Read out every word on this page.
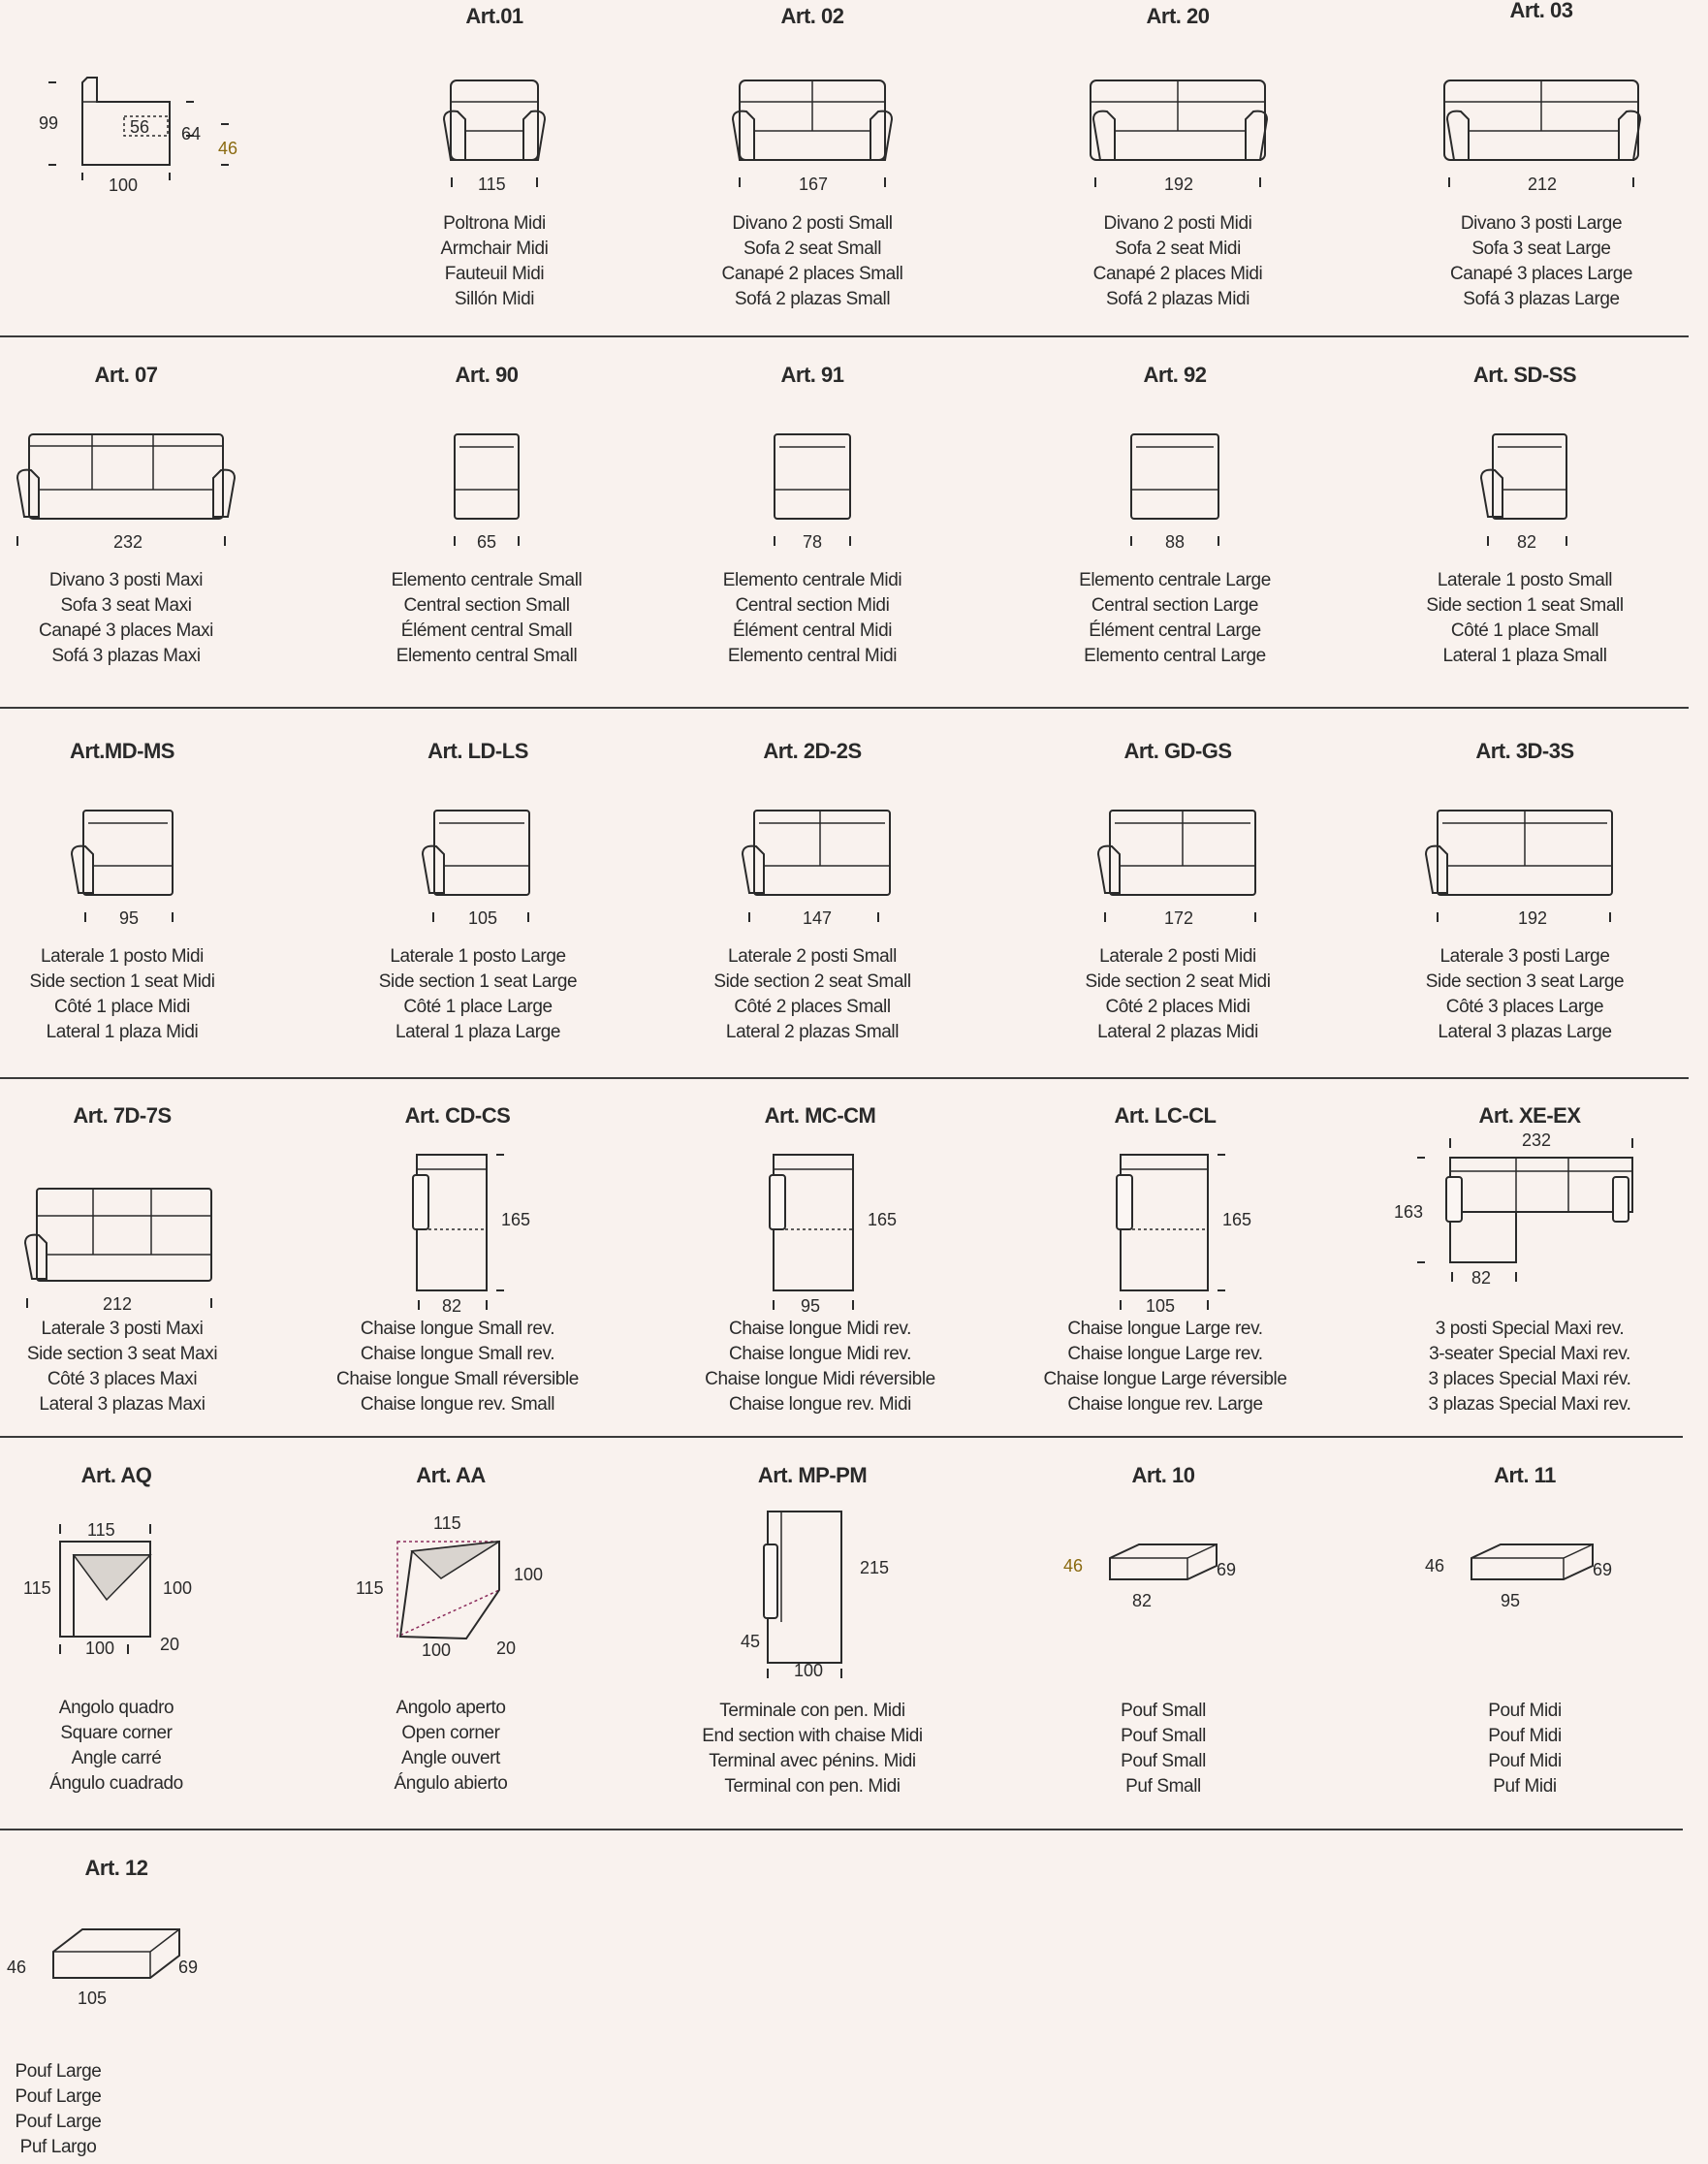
99	56 64
46
100
Art.01
115
Poltrona Midi
Armchair Midi
Fauteuil Midi
Sillón Midi
Art. 02
167
Divano 2 posti Small
Sofa 2 seat Small
Canapé 2 places Small
Sofá 2 plazas Small
Art. 20
192
Divano 2 posti Midi
Sofa 2 seat Midi
Canapé 2 places Midi
Sofá 2 plazas Midi
Art. 03
212
Divano 3 posti Large
Sofa 3 seat Large
Canapé 3 places Large
Sofá 3 plazas Large
Art. 07
232
Divano 3 posti Maxi
Sofa 3 seat Maxi
Canapé 3 places Maxi
Sofá 3 plazas Maxi
Art. 90
65
Elemento centrale Small
Central section Small
Élément central Small
Elemento central Small
Art. 91
78
Elemento centrale Midi
Central section Midi
Élément central Midi
Elemento central Midi
Art. 92
88
Elemento centrale Large
Central section Large
Élément central Large
Elemento central Large
Art. SD-SS
82
Laterale 1 posto Small
Side section 1 seat Small
Côté 1 place Small
Lateral 1 plaza Small
Art.MD-MS
95
Laterale 1 posto Midi
Side section 1 seat Midi
Côté 1 place Midi
Lateral 1 plaza Midi
Art. LD-LS
105
Laterale 1 posto Large
Side section 1 seat Large
Côté 1 place Large
Lateral 1 plaza Large
Art. 2D-2S
147
Laterale 2 posti Small
Side section 2 seat Small
Côté 2 places Small
Lateral 2 plazas Small
Art. GD-GS
172
Laterale 2 posti Midi
Side section 2 seat Midi
Côté 2 places Midi
Lateral 2 plazas Midi
Art. 3D-3S
192
Laterale 3 posti Large
Side section 3 seat Large
Côté 3 places Large
Lateral 3 plazas Large
Art. 7D-7S
212
Laterale 3 posti Maxi
Side section 3 seat Maxi
Côté 3 places Maxi
Lateral 3 plazas Maxi
Art. CD-CS
165
82
Chaise longue Small rev.
Chaise longue Small rev.
Chaise longue Small réversible
Chaise longue rev. Small
Art. MC-CM
165
95
Chaise longue Midi rev.
Chaise longue Midi rev.
Chaise longue Midi réversible
Chaise longue rev. Midi
Art. LC-CL
165
105
Chaise longue Large rev.
Chaise longue Large rev.
Chaise longue Large réversible
Chaise longue rev. Large
Art. XE-EX
232
163
82
3 posti Special Maxi rev.
3-seater Special Maxi rev.
3 places Special Maxi rév.
3 plazas Special Maxi rev.
Art. AQ
115
115	100
100	20
Angolo quadro
Square corner
Angle carré
Ángulo cuadrado
Art. AA
115
115
100
100	20
Angolo aperto
Open corner
Angle ouvert
Ángulo abierto
Art. MP-PM
215
45
100
Terminale con pen. Midi
End section with chaise Midi
Terminal avec pénins. Midi
Terminal con pen. Midi
Art. 10
46	69
82
Pouf Small
Pouf Small
Pouf Small
Puf Small
Art. 11
46	69
95
Pouf Midi
Pouf Midi
Pouf Midi
Puf Midi
Art. 12
46	69
105
Pouf Large
Pouf Large
Pouf Large
Puf Largo
